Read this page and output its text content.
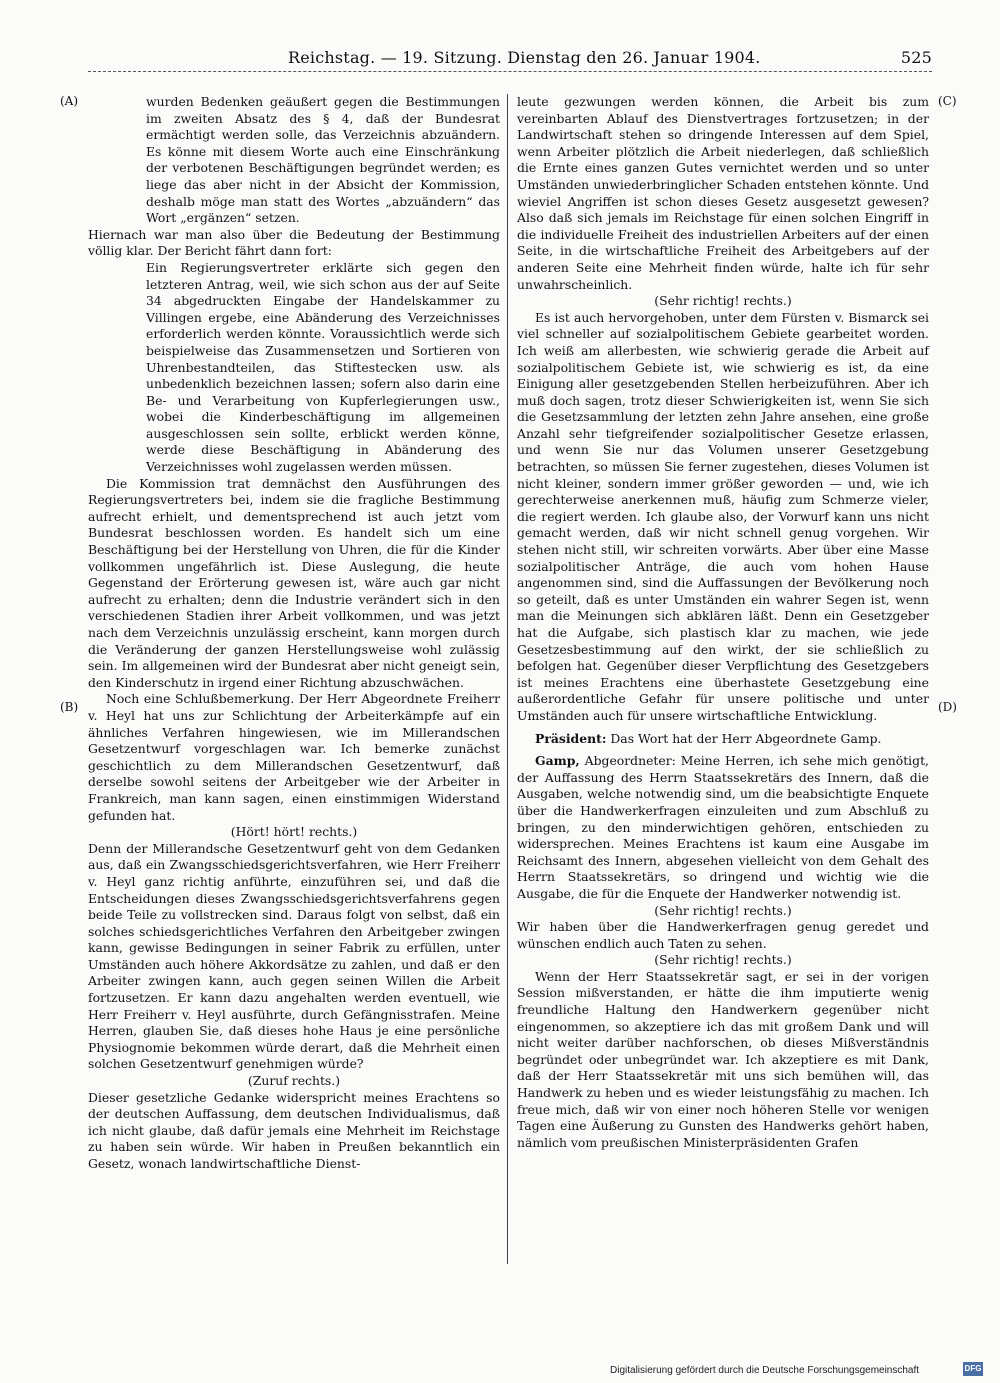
Reichstag. — 19. Sitzung. Dienstag den 26. Januar 1904.	525
(A)
(B)
(C)
(D)

wurden Bedenken geäußert gegen die Bestimmungen im zweiten Absatz des § 4, daß der Bundesrat ermächtigt werden solle, das Verzeichnis abzuändern. Es könne mit diesem Worte auch eine Einschränkung der verbotenen Beschäftigungen begründet werden; es liege das aber nicht in der Absicht der Kommission, deshalb möge man statt des Wortes „abzuändern“ das Wort „ergänzen“ setzen.

Hiernach war man also über die Bedeutung der Bestimmung völlig klar. Der Bericht fährt dann fort:

Ein Regierungsvertreter erklärte sich gegen den letzteren Antrag, weil, wie sich schon aus der auf Seite 34 abgedruckten Eingabe der Handelskammer zu Villingen ergebe, eine Abänderung des Verzeichnisses erforderlich werden könnte. Voraussichtlich werde sich beispielweise das Zusammensetzen und Sortieren von Uhrenbestandteilen, das Stiftestecken usw. als unbedenklich bezeichnen lassen; sofern also darin eine Be- und Verarbeitung von Kupferlegierungen usw., wobei die Kinderbeschäftigung im allgemeinen ausgeschlossen sein sollte, erblickt werden könne, werde diese Beschäftigung in Abänderung des Verzeichnisses wohl zugelassen werden müssen.

Die Kommission trat demnächst den Ausführungen des Regierungsvertreters bei, indem sie die fragliche Bestimmung aufrecht erhielt, und dementsprechend ist auch jetzt vom Bundesrat beschlossen worden. Es handelt sich um eine Beschäftigung bei der Herstellung von Uhren, die für die Kinder vollkommen ungefährlich ist. Diese Auslegung, die heute Gegenstand der Erörterung gewesen ist, wäre auch gar nicht aufrecht zu erhalten; denn die Industrie verändert sich in den verschiedenen Stadien ihrer Arbeit vollkommen, und was jetzt nach dem Verzeichnis unzulässig erscheint, kann morgen durch die Veränderung der ganzen Herstellungsweise wohl zulässig sein. Im allgemeinen wird der Bundesrat aber nicht geneigt sein, den Kinderschutz in irgend einer Richtung abzuschwächen.

Noch eine Schlußbemerkung. Der Herr Abgeordnete Freiherr v. Heyl hat uns zur Schlichtung der Arbeiterkämpfe auf ein ähnliches Verfahren hingewiesen, wie im Millerandschen Gesetzentwurf vorgeschlagen war. Ich bemerke zunächst geschichtlich zu dem Millerandschen Gesetzentwurf, daß derselbe sowohl seitens der Arbeitgeber wie der Arbeiter in Frankreich, man kann sagen, einen einstimmigen Widerstand gefunden hat.

(Hört! hört! rechts.)

Denn der Millerandsche Gesetzentwurf geht von dem Gedanken aus, daß ein Zwangsschiedsgerichtsverfahren, wie Herr Freiherr v. Heyl ganz richtig anführte, einzuführen sei, und daß die Entscheidungen dieses Zwangsschiedsgerichtsverfahrens gegen beide Teile zu vollstrecken sind. Daraus folgt von selbst, daß ein solches schiedsgerichtliches Verfahren den Arbeitgeber zwingen kann, gewisse Bedingungen in seiner Fabrik zu erfüllen, unter Umständen auch höhere Akkordsätze zu zahlen, und daß er den Arbeiter zwingen kann, auch gegen seinen Willen die Arbeit fortzusetzen. Er kann dazu angehalten werden eventuell, wie Herr Freiherr v. Heyl ausführte, durch Gefängnisstrafen. Meine Herren, glauben Sie, daß dieses hohe Haus je eine persönliche Physiognomie bekommen würde derart, daß die Mehrheit einen solchen Gesetzentwurf genehmigen würde?

(Zuruf rechts.)

Dieser gesetzliche Gedanke widerspricht meines Erachtens so der deutschen Auffassung, dem deutschen Individualismus, daß ich nicht glaube, daß dafür jemals eine Mehrheit im Reichstage zu haben sein würde. Wir haben in Preußen bekanntlich ein Gesetz, wonach landwirtschaftliche Dienst-

leute gezwungen werden können, die Arbeit bis zum vereinbarten Ablauf des Dienstvertrages fortzusetzen; in der Landwirtschaft stehen so dringende Interessen auf dem Spiel, wenn Arbeiter plötzlich die Arbeit niederlegen, daß schließlich die Ernte eines ganzen Gutes vernichtet werden und so unter Umständen unwiederbringlicher Schaden entstehen könnte. Und wieviel Angriffen ist schon dieses Gesetz ausgesetzt gewesen? Also daß sich jemals im Reichstage für einen solchen Eingriff in die individuelle Freiheit des industriellen Arbeiters auf der einen Seite, in die wirtschaftliche Freiheit des Arbeitgebers auf der anderen Seite eine Mehrheit finden würde, halte ich für sehr unwahrscheinlich.

(Sehr richtig! rechts.)

Es ist auch hervorgehoben, unter dem Fürsten v. Bismarck sei viel schneller auf sozialpolitischem Gebiete gearbeitet worden. Ich weiß am allerbesten, wie schwierig gerade die Arbeit auf sozialpolitischem Gebiete ist, wie schwierig es ist, da eine Einigung aller gesetzgebenden Stellen herbeizuführen. Aber ich muß doch sagen, trotz dieser Schwierigkeiten ist, wenn Sie sich die Gesetzsammlung der letzten zehn Jahre ansehen, eine große Anzahl sehr tiefgreifender sozialpolitischer Gesetze erlassen, und wenn Sie nur das Volumen unserer Gesetzgebung betrachten, so müssen Sie ferner zugestehen, dieses Volumen ist nicht kleiner, sondern immer größer geworden — und, wie ich gerechterweise anerkennen muß, häufig zum Schmerze vieler, die regiert werden. Ich glaube also, der Vorwurf kann uns nicht gemacht werden, daß wir nicht schnell genug vorgehen. Wir stehen nicht still, wir schreiten vorwärts. Aber über eine Masse sozialpolitischer Anträge, die auch vom hohen Hause angenommen sind, sind die Auffassungen der Bevölkerung noch so geteilt, daß es unter Umständen ein wahrer Segen ist, wenn man die Meinungen sich abklären läßt. Denn ein Gesetzgeber hat die Aufgabe, sich plastisch klar zu machen, wie jede Gesetzesbestimmung auf den wirkt, der sie schließlich zu befolgen hat. Gegenüber dieser Verpflichtung des Gesetzgebers ist meines Erachtens eine überhastete Gesetzgebung eine außerordentliche Gefahr für unsere politische und unter Umständen auch für unsere wirtschaftliche Entwicklung.

Präsident: Das Wort hat der Herr Abgeordnete Gamp.

Gamp, Abgeordneter: Meine Herren, ich sehe mich genötigt, der Auffassung des Herrn Staatssekretärs des Innern, daß die Ausgaben, welche notwendig sind, um die beabsichtigte Enquete über die Handwerkerfragen einzuleiten und zum Abschluß zu bringen, zu den minderwichtigen gehören, entschieden zu widersprechen. Meines Erachtens ist kaum eine Ausgabe im Reichsamt des Innern, abgesehen vielleicht von dem Gehalt des Herrn Staatssekretärs, so dringend und wichtig wie die Ausgabe, die für die Enquete der Handwerker notwendig ist.

(Sehr richtig! rechts.)

Wir haben über die Handwerkerfragen genug geredet und wünschen endlich auch Taten zu sehen.

(Sehr richtig! rechts.)

Wenn der Herr Staatssekretär sagt, er sei in der vorigen Session mißverstanden, er hätte die ihm imputierte wenig freundliche Haltung den Handwerkern gegenüber nicht eingenommen, so akzeptiere ich das mit großem Dank und will nicht weiter darüber nachforschen, ob dieses Mißverständnis begründet oder unbegründet war. Ich akzeptiere es mit Dank, daß der Herr Staatssekretär mit uns sich bemühen will, das Handwerk zu heben und es wieder leistungsfähig zu machen. Ich freue mich, daß wir von einer noch höheren Stelle vor wenigen Tagen eine Äußerung zu Gunsten des Handwerks gehört haben, nämlich vom preußischen Ministerpräsidenten Grafen

Digitalisierung gefördert durch die Deutsche Forschungsgemeinschaft	DFG
